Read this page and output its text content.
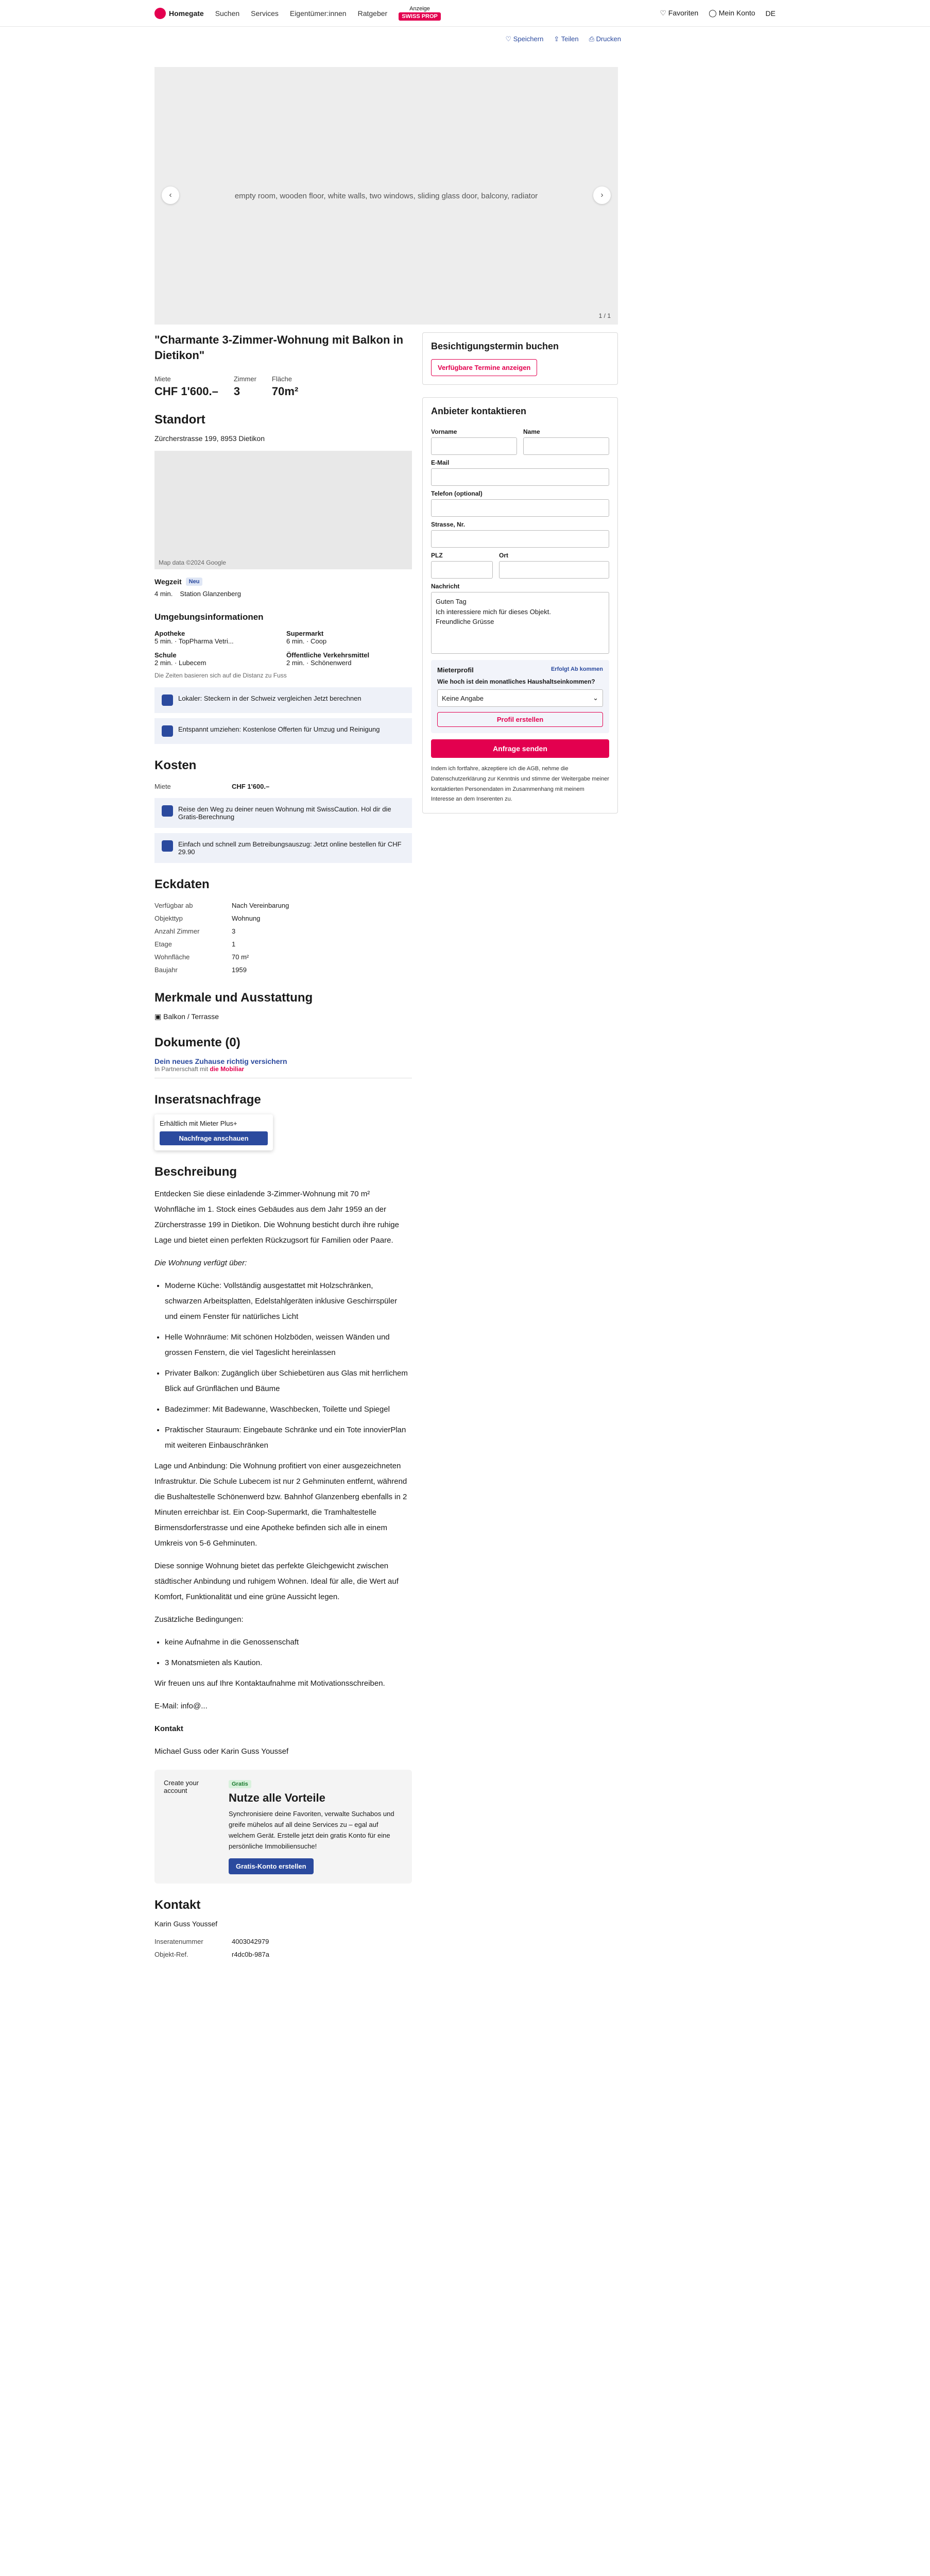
Homegate Suchen Services Eigentümer:innen Ratgeber
Anzeige
SWISS PROP	♡ Favoriten ◯ Mein Konto DE
♡ Speichern ⇪ Teilen ⎙ Drucken
empty room, wooden floor, white walls, two windows, sliding glass door, balcony, radiator
‹	›
1 / 1
"Charmante 3-Zimmer-Wohnung mit Balkon in Dietikon"
Miete
CHF 1'600.–
Zimmer
3
Fläche
70m²
Standort
Zürcherstrasse 199, 8953 Dietikon
Map data ©2024 Google
Wegzeit	Neu
4 min. Station Glanzenberg
Umgebungsinformationen
Apotheke
5 min. · TopPharma Vetri...
Supermarkt
6 min. · Coop
Schule
2 min. · Lubecem
Öffentliche Verkehrsmittel
2 min. · Schönenwerd
Die Zeiten basieren sich auf die Distanz zu Fuss
Lokaler: Steckern in der Schweiz vergleichen Jetzt berechnen
Entspannt umziehen: Kostenlose Offerten für Umzug und Reinigung
Kosten
Miete	CHF 1'600.–
Reise den Weg zu deiner neuen Wohnung mit SwissCaution. Hol dir die Gratis-Berechnung
Einfach und schnell zum Betreibungsauszug: Jetzt online bestellen für CHF 29.90
Eckdaten
Verfügbar ab	Nach Vereinbarung
Objekttyp	Wohnung
Anzahl Zimmer	3
Etage	1
Wohnfläche	70 m²
Baujahr	1959
Merkmale und Ausstattung
▣ Balkon / Terrasse
Dokumente (0)
Dein neues Zuhause richtig versichern
In Partnerschaft mit die Mobiliar
Inseratsnachfrage
Erhältlich mit Mieter Plus+
Nachfrage anschauen
Beschreibung

Entdecken Sie diese einladende 3-Zimmer-Wohnung mit 70 m² Wohnfläche im 1. Stock eines Gebäudes aus dem Jahr 1959 an der Zürcherstrasse 199 in Dietikon. Die Wohnung besticht durch ihre ruhige Lage und bietet einen perfekten Rückzugsort für Familien oder Paare.

Die Wohnung verfügt über:

• Moderne Küche: Vollständig ausgestattet mit Holzschränken, schwarzen Arbeitsplatten, Edelstahlgeräten inklusive Geschirrspüler und einem Fenster für natürliches Licht
• Helle Wohnräume: Mit schönen Holzböden, weissen Wänden und grossen Fenstern, die viel Tageslicht hereinlassen
• Privater Balkon: Zugänglich über Schiebetüren aus Glas mit herrlichem Blick auf Grünflächen und Bäume
• Badezimmer: Mit Badewanne, Waschbecken, Toilette und Spiegel
• Praktischer Stauraum: Eingebaute Schränke und ein Tote innovierPlan mit weiteren Einbauschränken

Lage und Anbindung: Die Wohnung profitiert von einer ausgezeichneten Infrastruktur. Die Schule Lubecem ist nur 2 Gehminuten entfernt, während die Bushaltestelle Schönenwerd bzw. Bahnhof Glanzenberg ebenfalls in 2 Minuten erreichbar ist. Ein Coop-Supermarkt, die Tramhaltestelle Birmensdorferstrasse und eine Apotheke befinden sich alle in einem Umkreis von 5-6 Gehminuten.

Diese sonnige Wohnung bietet das perfekte Gleichgewicht zwischen städtischer Anbindung und ruhigem Wohnen. Ideal für alle, die Wert auf Komfort, Funktionalität und eine grüne Aussicht legen.

Zusätzliche Bedingungen:

• keine Aufnahme in die Genossenschaft
• 3 Monatsmieten als Kaution.

Wir freuen uns auf Ihre Kontaktaufnahme mit Motivationsschreiben.

E-Mail: info@...

Kontakt

Michael Guss oder Karin Guss Youssef

Create your account
Gratis
Nutze alle Vorteile
Synchronisiere deine Favoriten, verwalte Suchabos und greife mühelos auf all deine Services zu – egal auf welchem Gerät. Erstelle jetzt dein gratis Konto für eine persönliche Immobiliensuche!
Gratis-Konto erstellen
Kontakt
Karin Guss Youssef
Inseratenummer	4003042979
Objekt-Ref.	r4dc0b-987a
Besichtigungstermin buchen
Verfügbare Termine anzeigen
Anbieter kontaktieren
Vorname	Name
E-Mail
Telefon (optional)
Strasse, Nr.
PLZ	Ort
Nachricht
Guten Tag
Ich interessiere mich für dieses Objekt.
Freundliche Grüsse
Mieterprofil	Erfolgt Ab kommen
Wie hoch ist dein monatliches Haushaltseinkommen?
Keine Angabe	⌄
Profil erstellen
Anfrage senden
Indem ich fortfahre, akzeptiere ich die AGB, nehme die Datenschutzerklärung zur Kenntnis und stimme der Weitergabe meiner kontaktierten Personendaten im Zusammenhang mit meinem Interesse an dem Inserenten zu.
